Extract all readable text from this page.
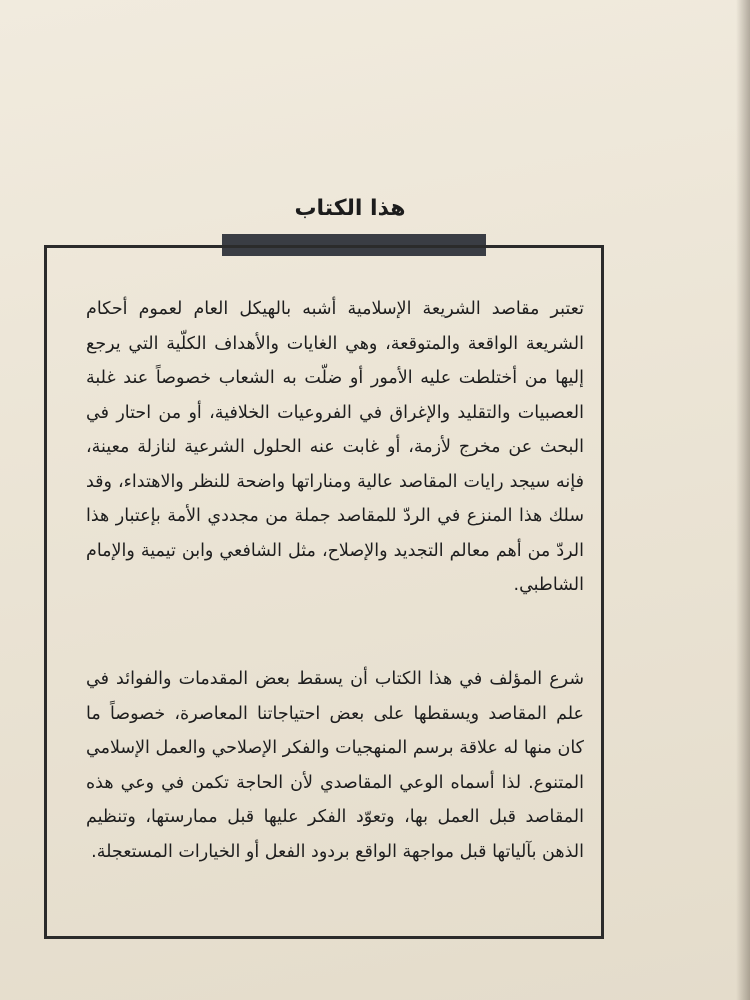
هذا الكتاب
تعتبر مقاصد الشريعة الإسلامية أشبه بالهيكل العام لعموم أحكام الشريعة الواقعة والمتوقعة، وهي الغايات والأهداف الكلّية التي يرجع إليها من أختلطت عليه الأمور أو ضلّت به الشعاب خصوصاً عند غلبة العصبيات والتقليد والإغراق في الفروعيات الخلافية، أو من احتار في البحث عن مخرج لأزمة، أو غابت عنه الحلول الشرعية لنازلة معينة، فإنه سيجد رايات المقاصد عالية ومناراتها واضحة للنظر والاهتداء، وقد سلك هذا المنزع في الردّ للمقاصد جملة من مجددي الأمة بإعتبار هذا الردّ من أهم معالم التجديد والإصلاح، مثل الشافعي وابن تيمية والإمام الشاطبي.
شرع المؤلف في هذا الكتاب أن يسقط بعض المقدمات والفوائد في علم المقاصد ويسقطها على بعض احتياجاتنا المعاصرة، خصوصاً ما كان منها له علاقة برسم المنهجيات والفكر الإصلاحي والعمل الإسلامي المتنوع. لذا أسماه الوعي المقاصدي لأن الحاجة تكمن في وعي هذه المقاصد قبل العمل بها، وتعوّد الفكر عليها قبل ممارستها، وتنظيم الذهن بآلياتها قبل مواجهة الواقع بردود الفعل أو الخيارات المستعجلة.
